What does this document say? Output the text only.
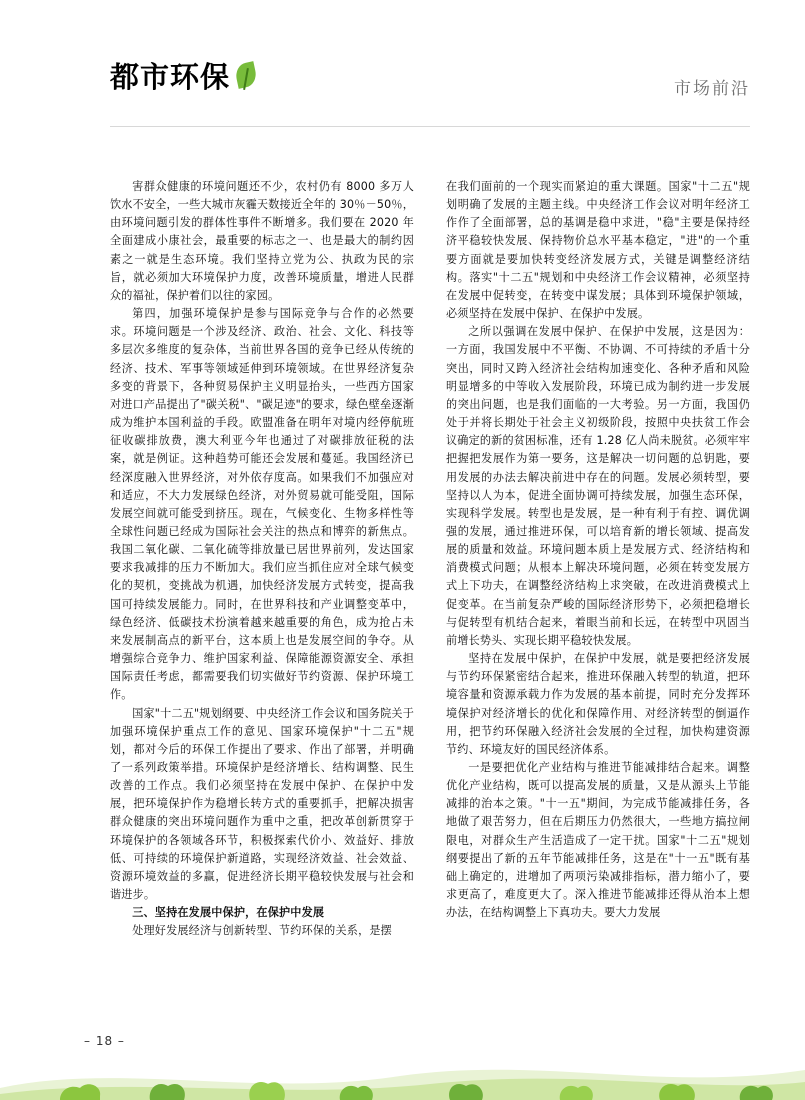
都市环保	市场前沿

害群众健康的环境问题还不少，农村仍有 8000 多万人饮水不安全，一些大城市灰霾天数接近全年的 30％－50％，由环境问题引发的群体性事件不断增多。我们要在 2020 年全面建成小康社会，最重要的标志之一、也是最大的制约因素之一就是生态环境。我们坚持立党为公、执政为民的宗旨，就必须加大环境保护力度，改善环境质量，增进人民群众的福祉，保护着们以往的家园。

第四，加强环境保护是参与国际竞争与合作的必然要求。环境问题是一个涉及经济、政治、社会、文化、科技等多层次多维度的复杂体，当前世界各国的竞争已经从传统的经济、技术、军事等领域延伸到环境领域。在世界经济复杂多变的背景下，各种贸易保护主义明显抬头，一些西方国家对进口产品提出了"碳关税"、"碳足迹"的要求，绿色壁垒逐渐成为维护本国利益的手段。欧盟准备在明年对境内经停航班征收碳排放费，澳大利亚今年也通过了对碳排放征税的法案，就是例证。这种趋势可能还会发展和蔓延。我国经济已经深度融入世界经济，对外依存度高。如果我们不加强应对和适应，不大力发展绿色经济，对外贸易就可能受阻，国际发展空间就可能受到挤压。现在，气候变化、生物多样性等全球性问题已经成为国际社会关注的热点和博弈的新焦点。我国二氧化碳、二氧化硫等排放量已居世界前列，发达国家要求我减排的压力不断加大。我们应当抓住应对全球气候变化的契机，变挑战为机遇，加快经济发展方式转变，提高我国可持续发展能力。同时，在世界科技和产业调整变革中，绿色经济、低碳技术扮演着越来越重要的角色，成为抢占未来发展制高点的新平台，这本质上也是发展空间的争夺。从增强综合竞争力、维护国家利益、保障能源资源安全、承担国际责任考虑，都需要我们切实做好节约资源、保护环境工作。

国家"十二五"规划纲要、中央经济工作会议和国务院关于加强环境保护重点工作的意见、国家环境保护"十二五"规划，都对今后的环保工作提出了要求、作出了部署，并明确了一系列政策举措。环境保护是经济增长、结构调整、民生改善的工作点。我们必须坚持在发展中保护、在保护中发展，把环境保护作为稳增长转方式的重要抓手，把解决损害群众健康的突出环境问题作为重中之重，把改革创新贯穿于环境保护的各领域各环节，积极探索代价小、效益好、排放低、可持续的环境保护新道路，实现经济效益、社会效益、资源环境效益的多赢，促进经济长期平稳较快发展与社会和谐进步。

三、坚持在发展中保护，在保护中发展

处理好发展经济与创新转型、节约环保的关系，是摆

在我们面前的一个现实而紧迫的重大课题。国家"十二五"规划明确了发展的主题主线。中央经济工作会议对明年经济工作作了全面部署，总的基调是稳中求进，"稳"主要是保持经济平稳较快发展、保持物价总水平基本稳定，"进"的一个重要方面就是要加快转变经济发展方式，关键是调整经济结构。落实"十二五"规划和中央经济工作会议精神，必须坚持在发展中促转变，在转变中谋发展；具体到环境保护领域，必须坚持在发展中保护、在保护中发展。

之所以强调在发展中保护、在保护中发展，这是因为：一方面，我国发展中不平衡、不协调、不可持续的矛盾十分突出，同时又跨入经济社会结构加速变化、各种矛盾和风险明显增多的中等收入发展阶段，环境已成为制约进一步发展的突出问题，也是我们面临的一大考验。另一方面，我国仍处于并将长期处于社会主义初级阶段，按照中央扶贫工作会议确定的新的贫困标准，还有 1.28 亿人尚未脱贫。必须牢牢把握把发展作为第一要务，这是解决一切问题的总钥匙，要用发展的办法去解决前进中存在的问题。发展必须转型，要坚持以人为本，促进全面协调可持续发展，加强生态环保，实现科学发展。转型也是发展，是一种有利于有控、调优调强的发展，通过推进环保，可以培育新的增长领域、提高发展的质量和效益。环境问题本质上是发展方式、经济结构和消费模式问题；从根本上解决环境问题，必须在转变发展方式上下功夫，在调整经济结构上求突破，在改进消费模式上促变革。在当前复杂严峻的国际经济形势下，必须把稳增长与促转型有机结合起来，着眼当前和长远，在转型中巩固当前增长势头、实现长期平稳较快发展。

坚持在发展中保护，在保护中发展，就是要把经济发展与节约环保紧密结合起来，推进环保融入转型的轨道，把环境容量和资源承载力作为发展的基本前提，同时充分发挥环境保护对经济增长的优化和保障作用、对经济转型的倒逼作用，把节约环保融入经济社会发展的全过程，加快构建资源节约、环境友好的国民经济体系。

一是要把优化产业结构与推进节能减排结合起来。调整优化产业结构，既可以提高发展的质量，又是从源头上节能减排的治本之策。"十一五"期间，为完成节能减排任务，各地做了艰苦努力，但在后期压力仍然很大，一些地方搞拉闸限电，对群众生产生活造成了一定干扰。国家"十二五"规划纲要提出了新的五年节能减排任务，这是在"十一五"既有基础上确定的，进增加了两项污染减排指标，潜力缩小了，要求更高了，难度更大了。深入推进节能减排还得从治本上想办法，在结构调整上下真功夫。要大力发展

– 18 –
